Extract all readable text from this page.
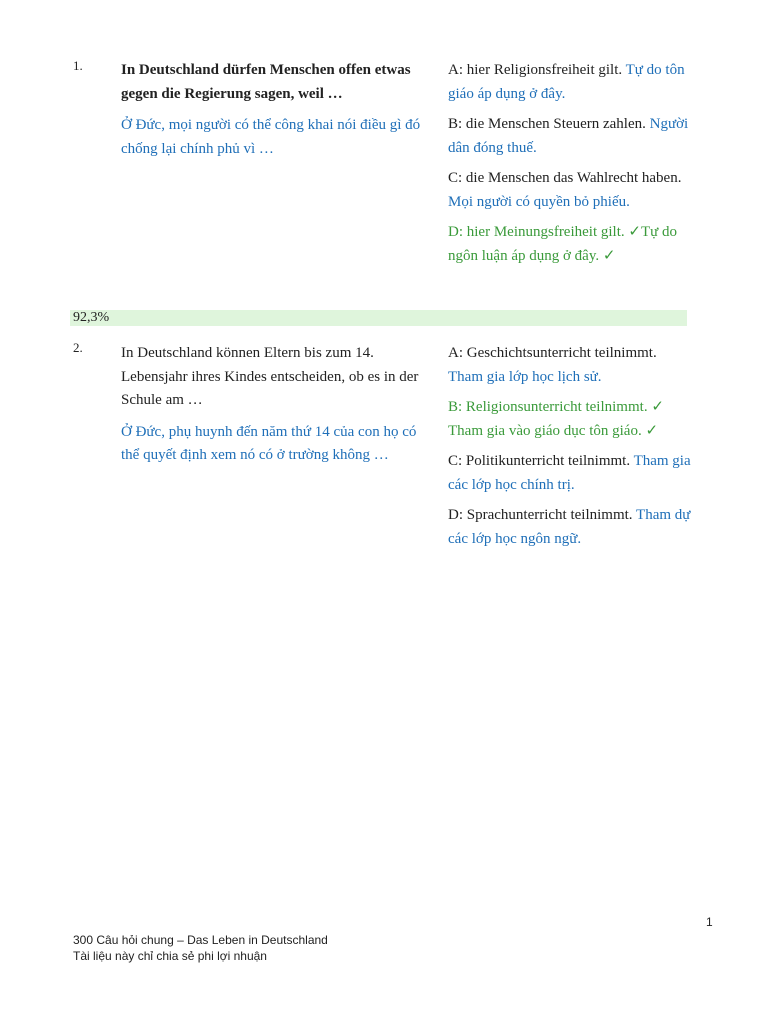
1.	In Deutschland dürfen Menschen offen etwas gegen die Regierung sagen, weil …

Ở Đức, mọi người có thể công khai nói điều gì đó chống lại chính phủ vì …

A: hier Religionsfreiheit gilt. Tự do tôn giáo áp dụng ở đây.

B: die Menschen Steuern zahlen. Người dân đóng thuế.

C: die Menschen das Wahlrecht haben. Mọi người có quyền bỏ phiếu.

D: hier Meinungsfreiheit gilt. ✓Tự do ngôn luận áp dụng ở đây. ✓

92,3%
2.	In Deutschland können Eltern bis zum 14. Lebensjahr ihres Kindes entscheiden, ob es in der Schule am …

Ở Đức, phụ huynh đến năm thứ 14 của con họ có thể quyết định xem nó có ở trường không …

A: Geschichtsunterricht teilnimmt. Tham gia lớp học lịch sử.

B: Religionsunterricht teilnimmt. ✓ Tham gia vào giáo dục tôn giáo. ✓

C: Politikunterricht teilnimmt. Tham gia các lớp học chính trị.

D: Sprachunterricht teilnimmt. Tham dự các lớp học ngôn ngữ.

1
300 Câu hỏi chung – Das Leben in Deutschland
Tài liệu này chỉ chia sẻ phi lợi nhuận
